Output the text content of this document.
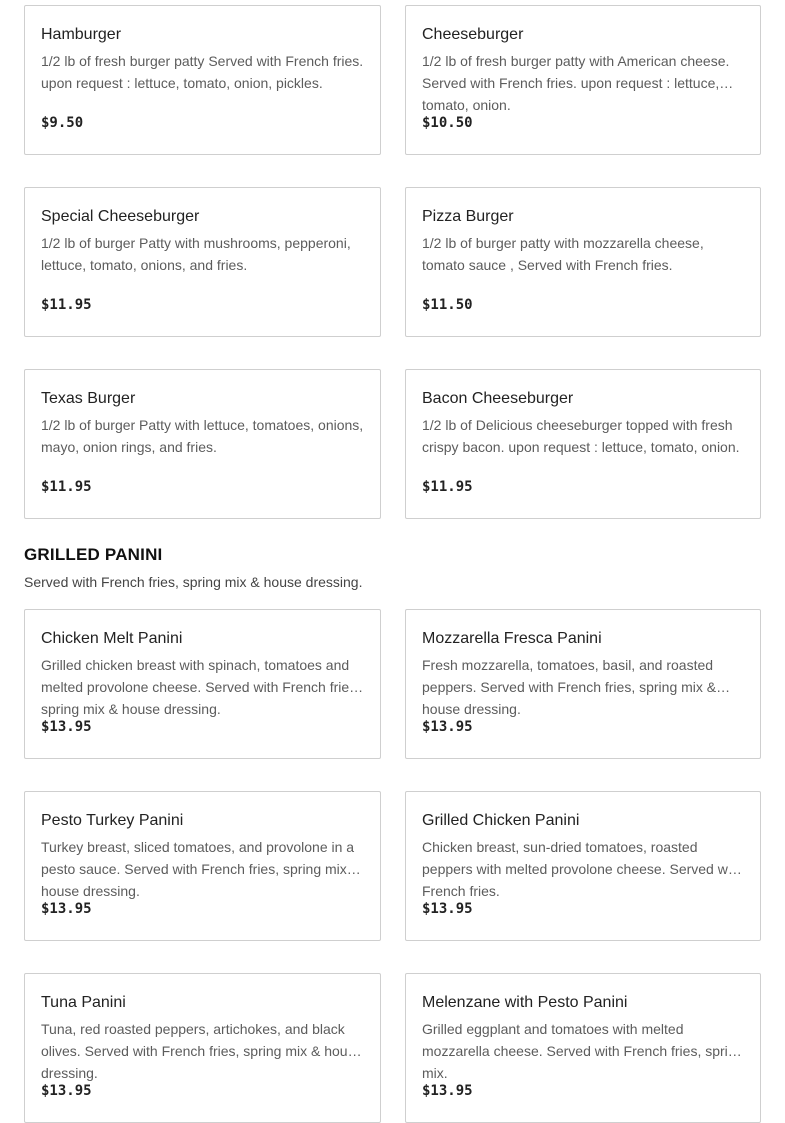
Hamburger
1/2 lb of fresh burger patty Served with French fries. upon request : lettuce, tomato, onion, pickles.
$9.50
Cheeseburger
1/2 lb of fresh burger patty with American cheese. Served with French fries. upon request : lettuce, tomato, onion.
$10.50
Special Cheeseburger
1/2 lb of burger Patty with mushrooms, pepperoni, lettuce, tomato, onions, and fries.
$11.95
Pizza Burger
1/2 lb of burger patty with mozzarella cheese, tomato sauce , Served with French fries.
$11.50
Texas Burger
1/2 lb of burger Patty with lettuce, tomatoes, onions, mayo, onion rings, and fries.
$11.95
Bacon Cheeseburger
1/2 lb of Delicious cheeseburger topped with fresh crispy bacon. upon request : lettuce, tomato, onion.
$11.95
GRILLED PANINI

Served with French fries, spring mix & house dressing.

Chicken Melt Panini
Grilled chicken breast with spinach, tomatoes and melted provolone cheese. Served with French fries, spring mix & house dressing.
$13.95
Mozzarella Fresca Panini
Fresh mozzarella, tomatoes, basil, and roasted peppers. Served with French fries, spring mix & house dressing.
$13.95
Pesto Turkey Panini
Turkey breast, sliced tomatoes, and provolone in a pesto sauce. Served with French fries, spring mix & house dressing.
$13.95
Grilled Chicken Panini
Chicken breast, sun-dried tomatoes, roasted peppers with melted provolone cheese. Served with French fries.
$13.95
Tuna Panini
Tuna, red roasted peppers, artichokes, and black olives. Served with French fries, spring mix & house dressing.
$13.95
Melenzane with Pesto Panini
Grilled eggplant and tomatoes with melted mozzarella cheese. Served with French fries, spring mix.
$13.95
